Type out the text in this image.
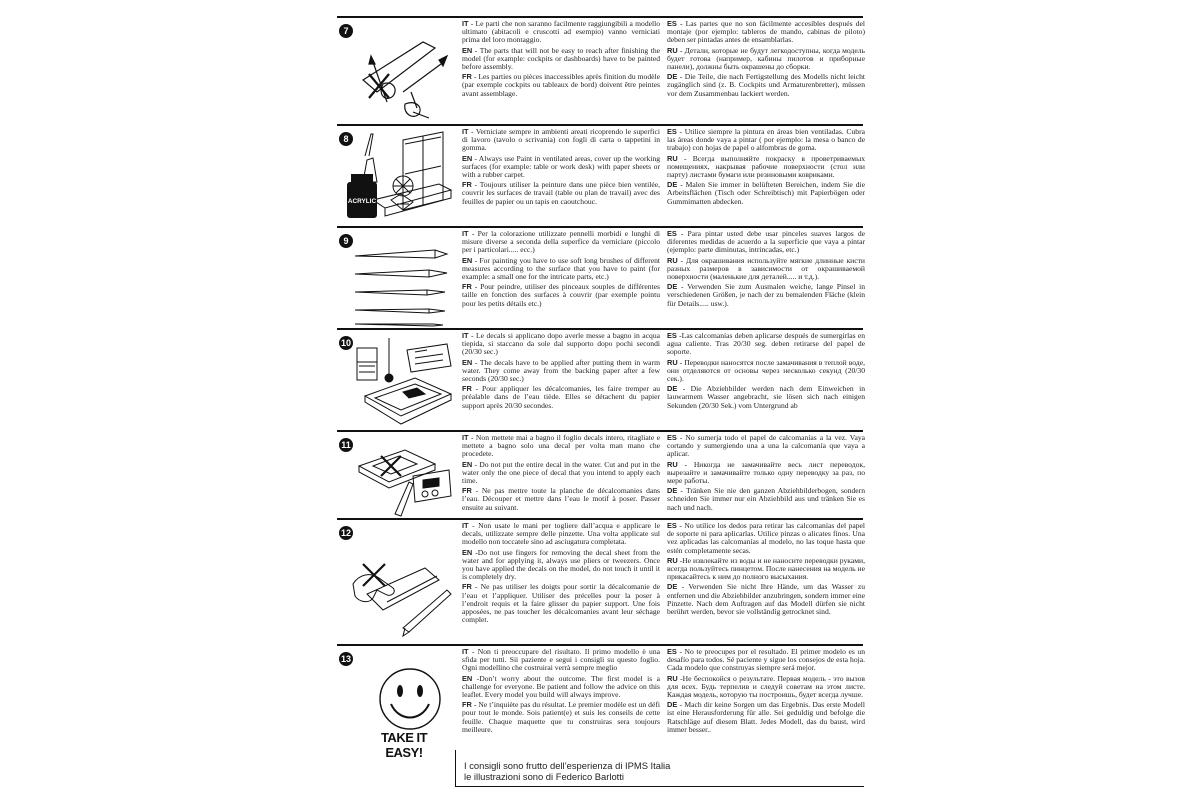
7

IT - Le parti che non saranno facilmente raggiungibili a modello ultimato (abitacoli e cruscotti ad esempio) vanno verniciati prima del loro montaggio.

EN - The parts that will not be easy to reach after finishing the model (for example: cockpits or dashboards) have to be painted before assembly.

FR - Les parties ou pièces inaccessibles après finition du modèle (par exemple cockpits ou tableaux de bord) doivent être peintes avant assemblage.

ES - Las partes que no son fácilmente accesibles después del montaje (por ejemplo: tableros de mando, cabinas de piloto) deben ser pintadas antes de ensamblarlas.

RU - Детали, которые не будут легкодоступны, когда модель будет готова (например, кабины пилотов и приборные панели), должны быть окрашены до сборки.

DE - Die Teile, die nach Fertigstellung des Modells nicht leicht zugänglich sind (z. B. Cockpits und Armaturenbretter), müssen vor dem Zusammenbau lackiert werden.

8
ACRYLIC

IT - Verniciate sempre in ambienti areati ricoprendo le superfici di lavoro (tavolo o scrivania) con fogli di carta o tappetini in gomma.

EN - Always use Paint in ventilated areas, cover up the working surfaces (for example: table or work desk) with paper sheets or with a rubber carpet.

FR - Toujours utiliser la peinture dans une pièce bien ventilée, couvrir les surfaces de travail (table ou plan de travail) avec des feuilles de papier ou un tapis en caoutchouc.

ES - Utilice siempre la pintura en áreas bien ventiladas. Cubra las áreas donde vaya a pintar ( por ejemplo: la mesa o banco de trabajo) con hojas de papel o alfombras de goma.

RU - Всегда выполняйте покраску в проветриваемых помещениях, накрывая рабочие поверхности (стол или парту) листами бумаги или резиновыми ковриками.

DE - Malen Sie immer in belüfteten Bereichen, indem Sie die Arbeitsflächen (Tisch oder Schreibtisch) mit Papierbögen oder Gummimatten abdecken.

9

IT - Per la colorazione utilizzate pennelli morbidi e lunghi di misure diverse a seconda della superfice da verniciare (piccolo per i particolari..... ecc.)

EN - For painting you have to use soft long brushes of different measures according to the surface that you have to paint (for example: a small one for the intricate parts, etc.)

FR - Pour peindre, utiliser des pinceaux souples de différentes taille en fonction des surfaces à couvrir (par exemple pointu pour les petits détails etc.)

ES - Para pintar usted debe usar pinceles suaves largos de diferentes medidas de acuerdo a la superficie que vaya a pintar (ejemplo: parte diminutas, intrincadas, etc.)

RU - Для окрашивания используйте мягкие длинные кисти разных размеров в зависимости от окрашиваемой поверхности (маленькие для деталей..... и т.д.).

DE - Verwenden Sie zum Ausmalen weiche, lange Pinsel in verschiedenen Größen, je nach der zu bemalenden Fläche (klein für Details..... usw.).

10

IT - Le decals si applicano dopo averle messe a bagno in acqua tiepida, si staccano da sole dal supporto dopo pochi secondi (20/30 sec.)

EN - The decals have to be applied after putting them in warm water. They come away from the backing paper after a few seconds (20/30 sec.)

FR - Pour appliquer les décalcomanies, les faire tremper au préalable dans de l’eau tiède. Elles se détachent du papier support après 20/30 secondes.

ES -Las calcomanías deben aplicarse después de sumergirlas en agua caliente. Tras 20/30 seg. deben retirarse del papel de soporte.

RU - Переводки наносятся после замачивания в теплой воде, они отделяются от основы через несколько секунд (20/30 сек.).

DE - Die Abziehbilder werden nach dem Einweichen in lauwarmem Wasser angebracht, sie lösen sich nach einigen Sekunden (20/30 Sek.) vom Untergrund ab

11

IT - Non mettete mai a bagno il foglio decals intero, ritagliate e mettete a bagno solo una decal per volta man mano che procedete.

EN - Do not put the entire decal in the water. Cut and put in the water only the one piece of decal that you intend to apply each time.

FR - Ne pas mettre toute la planche de décalcomanies dans l’eau. Découper et mettre dans l’eau le motif à poser. Passer ensuite au suivant.

ES - No sumerja todo el papel de calcomanías a la vez. Vaya cortando y sumergiendo una a una la calcomanía que vaya a aplicar.

RU - Никогда не замачивайте весь лист переводок, вырезайте и замачивайте только одну переводку за раз, по мере работы.

DE - Tränken Sie nie den ganzen Abziehbilderbogen, sondern schneiden Sie immer nur ein Abziehbild aus und tränken Sie es nach und nach.

12

IT - Non usate le mani per togliere dall’acqua e applicare le decals, utilizzate sempre delle pinzette. Una volta applicate sul modello non toccatele sino ad asciugatura completata.

EN -Do not use fingers for removing the decal sheet from the water and for applying it, always use pliers or tweezers. Once you have applied the decals on the model, do not touch it until it is completely dry.

FR - Ne pas utiliser les doigts pour sortir la décalcomanie de l’eau et l’appliquer. Utiliser des précelles pour la poser à l’endroit requis et la faire glisser du papier support. Une fois apposées, ne pas toucher les décalcomanies avant leur séchage complet.

ES - No utilice los dedos para retirar las calcomanías del papel de soporte ni para aplicarlas. Utilice pinzas o alicates finos. Una vez aplicadas las calcomanías al modelo, no las toque hasta que estén completamente secas.

RU -Не извлекайте из воды и не наносите переводки руками, всегда пользуйтесь пинцетом. После нанесения на модель не прикасайтесь к ним до полного высыхания.

DE - Verwenden Sie nicht Ihre Hände, um das Wasser zu entfernen und die Abziehbilder anzubringen, sondern immer eine Pinzette. Nach dem Auftragen auf das Modell dürfen sie nicht berührt werden, bevor sie vollständig getrocknet sind.

13
TAKE IT EASY!

IT - Non ti preoccupare del risultato. Il primo modello è una sfida per tutti. Sii paziente e segui i consigli su questo foglio. Ogni modellino che costruirai verrà sempre meglio

EN -Don’t worry about the outcome. The first model is a challenge for everyone. Be patient and follow the advice on this leaflet. Every model you build will always improve.

FR - Ne t’inquiète pas du résultat. Le premier modèle est un défi pour tout le monde. Sois patient(e) et suis les conseils de cette feuille. Chaque maquette que tu construiras sera toujours meilleure.

ES - No te preocupes por el resultado. El primer modelo es un desafío para todos. Sé paciente y sigue los consejos de esta hoja. Cada modelo que construyas siempre será mejor.

RU -Не беспокойся о результате. Первая модель - это вызов для всех. Будь терпелив и следуй советам на этом листе. Каждая модель, которую ты построишь, будет всегда лучше.

DE - Mach dir keine Sorgen um das Ergebnis. Das erste Modell ist eine Herausforderung für alle. Sei geduldig und befolge die Ratschläge auf diesem Blatt. Jedes Modell, das du baust, wird immer besser..

I consigli sono frutto dell’esperienza di IPMS Italia
le illustrazioni sono di Federico Barlotti
